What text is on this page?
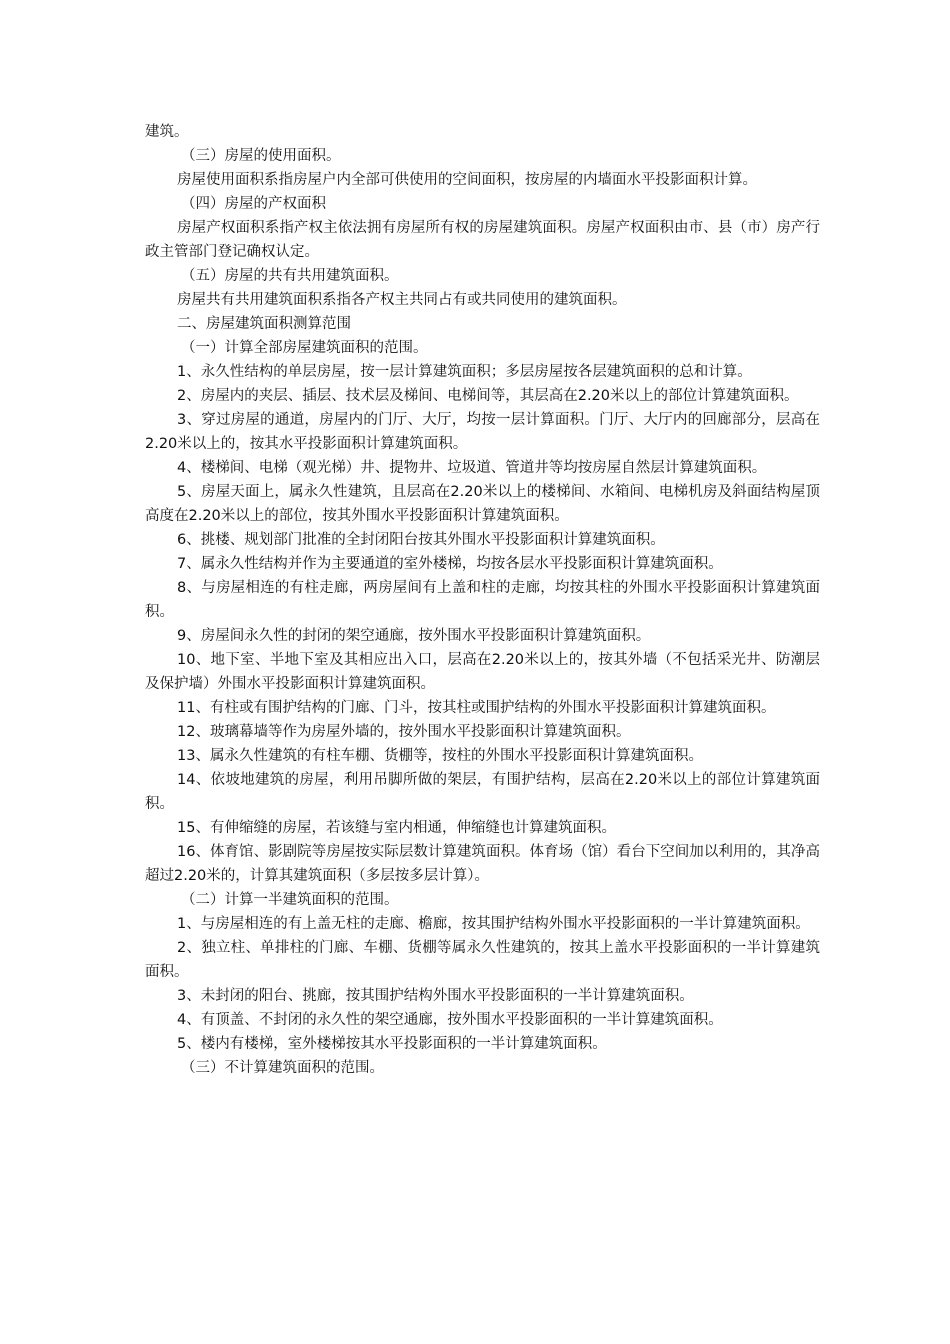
建筑。

（三）房屋的使用面积。

房屋使用面积系指房屋户内全部可供使用的空间面积，按房屋的内墙面水平投影面积计算。

（四）房屋的产权面积

房屋产权面积系指产权主依法拥有房屋所有权的房屋建筑面积。房屋产权面积由市、县（市）房产行政主管部门登记确权认定。

（五）房屋的共有共用建筑面积。

房屋共有共用建筑面积系指各产权主共同占有或共同使用的建筑面积。

二、房屋建筑面积测算范围

（一）计算全部房屋建筑面积的范围。

1、永久性结构的单层房屋，按一层计算建筑面积；多层房屋按各层建筑面积的总和计算。

2、房屋内的夹层、插层、技术层及梯间、电梯间等，其层高在2.20米以上的部位计算建筑面积。

3、穿过房屋的通道，房屋内的门厅、大厅，均按一层计算面积。门厅、大厅内的回廊部分，层高在2.20米以上的，按其水平投影面积计算建筑面积。

4、楼梯间、电梯（观光梯）井、提物井、垃圾道、管道井等均按房屋自然层计算建筑面积。

5、房屋天面上，属永久性建筑，且层高在2.20米以上的楼梯间、水箱间、电梯机房及斜面结构屋顶高度在2.20米以上的部位，按其外围水平投影面积计算建筑面积。

6、挑楼、规划部门批准的全封闭阳台按其外围水平投影面积计算建筑面积。

7、属永久性结构并作为主要通道的室外楼梯，均按各层水平投影面积计算建筑面积。

8、与房屋相连的有柱走廊，两房屋间有上盖和柱的走廊，均按其柱的外围水平投影面积计算建筑面积。

9、房屋间永久性的封闭的架空通廊，按外围水平投影面积计算建筑面积。

10、地下室、半地下室及其相应出入口，层高在2.20米以上的，按其外墙（不包括采光井、防潮层及保护墙）外围水平投影面积计算建筑面积。

11、有柱或有围护结构的门廊、门斗，按其柱或围护结构的外围水平投影面积计算建筑面积。

12、玻璃幕墙等作为房屋外墙的，按外围水平投影面积计算建筑面积。

13、属永久性建筑的有柱车棚、货棚等，按柱的外围水平投影面积计算建筑面积。

14、依坡地建筑的房屋，利用吊脚所做的架层，有围护结构，层高在2.20米以上的部位计算建筑面积。

15、有伸缩缝的房屋，若该缝与室内相通，伸缩缝也计算建筑面积。

16、体育馆、影剧院等房屋按实际层数计算建筑面积。体育场（馆）看台下空间加以利用的，其净高超过2.20米的，计算其建筑面积（多层按多层计算）。

（二）计算一半建筑面积的范围。

1、与房屋相连的有上盖无柱的走廊、檐廊，按其围护结构外围水平投影面积的一半计算建筑面积。

2、独立柱、单排柱的门廊、车棚、货棚等属永久性建筑的，按其上盖水平投影面积的一半计算建筑面积。

3、未封闭的阳台、挑廊，按其围护结构外围水平投影面积的一半计算建筑面积。

4、有顶盖、不封闭的永久性的架空通廊，按外围水平投影面积的一半计算建筑面积。

5、楼内有楼梯，室外楼梯按其水平投影面积的一半计算建筑面积。

（三）不计算建筑面积的范围。
